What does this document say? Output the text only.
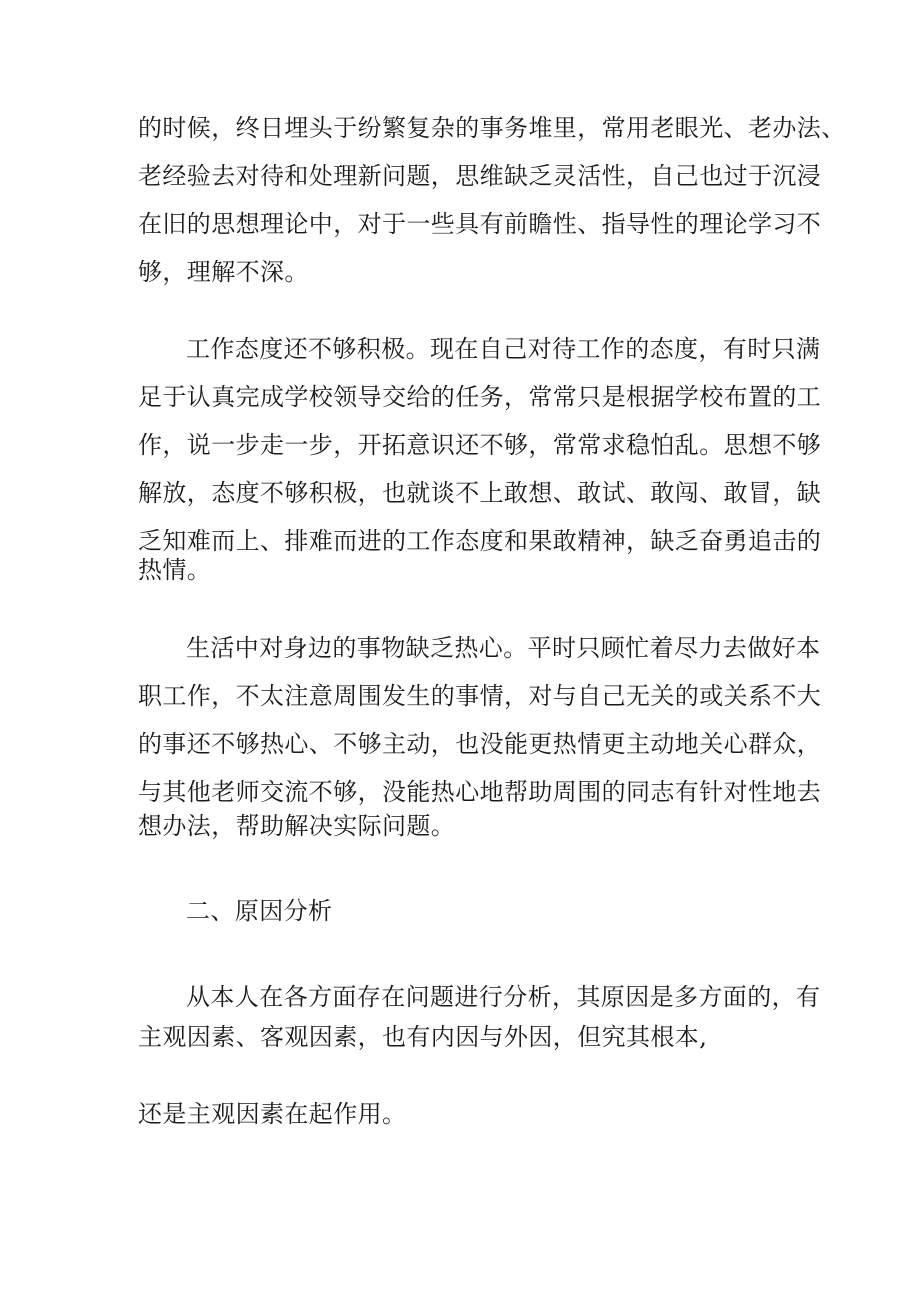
的时候，终日埋头于纷繁复杂的事务堆里，常用老眼光、老办法、
老经验去对待和处理新问题，思维缺乏灵活性，自己也过于沉浸
在旧的思想理论中，对于一些具有前瞻性、指导性的理论学习不
够，理解不深。
工作态度还不够积极。现在自己对待工作的态度，有时只满
足于认真完成学校领导交给的任务，常常只是根据学校布置的工
作，说一步走一步，开拓意识还不够，常常求稳怕乱。思想不够
解放，态度不够积极，也就谈不上敢想、敢试、敢闯、敢冒，缺
乏知难而上、排难而进的工作态度和果敢精神，缺乏奋勇追击的
热情。
生活中对身边的事物缺乏热心。平时只顾忙着尽力去做好本
职工作，不太注意周围发生的事情，对与自己无关的或关系不大
的事还不够热心、不够主动，也没能更热情更主动地关心群众，
与其他老师交流不够，没能热心地帮助周围的同志有针对性地去
想办法，帮助解决实际问题。
二、原因分析
从本人在各方面存在问题进行分析，其原因是多方面的，有
主观因素、客观因素，也有内因与外因，但究其根本,
还是主观因素在起作用。
